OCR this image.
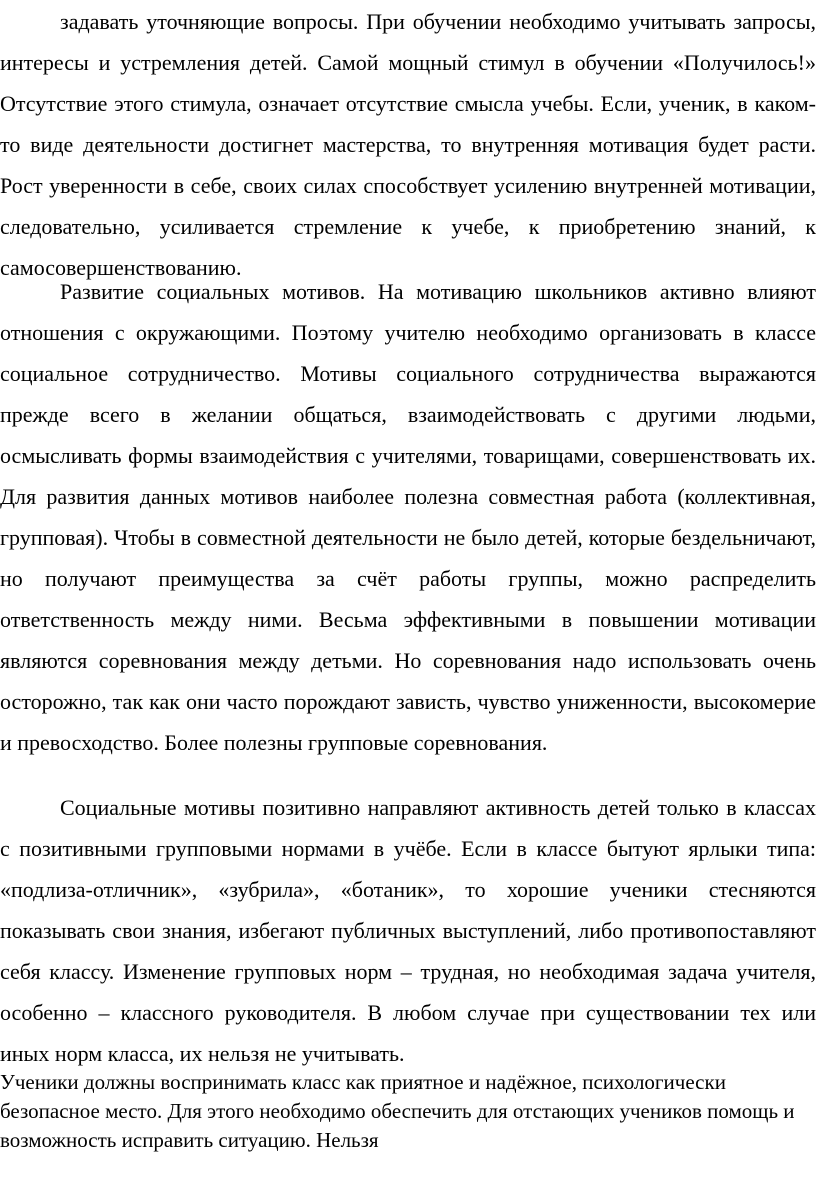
задавать уточняющие вопросы. При обучении необходимо учитывать запросы, интересы и устремления детей. Самой мощный стимул в обучении «Получилось!» Отсутствие этого стимула, означает отсутствие смысла учебы. Если, ученик, в каком-то виде деятельности достигнет мастерства, то внутренняя мотивация будет расти. Рост уверенности в себе, своих силах способствует усилению внутренней мотивации, следовательно, усиливается стремление к учебе, к приобретению знаний, к самосовершенствованию.

Развитие социальных мотивов. На мотивацию школьников активно влияют отношения с окружающими. Поэтому учителю необходимо организовать в классе социальное сотрудничество. Мотивы социального сотрудничества выражаются прежде всего в желании общаться, взаимодействовать с другими людьми, осмысливать формы взаимодействия с учителями, товарищами, совершенствовать их. Для развития данных мотивов наиболее полезна совместная работа (коллективная, групповая). Чтобы в совместной деятельности не было детей, которые бездельничают, но получают преимущества за счёт работы группы, можно распределить ответственность между ними. Весьма эффективными в повышении мотивации являются соревнования между детьми. Но соревнования надо использовать очень осторожно, так как они часто порождают зависть, чувство униженности, высокомерие и превосходство. Более полезны групповые соревнования.

Социальные мотивы позитивно направляют активность детей только в классах с позитивными групповыми нормами в учёбе. Если в классе бытуют ярлыки типа: «подлиза-отличник», «зубрила», «ботаник», то хорошие ученики стесняются показывать свои знания, избегают публичных выступлений, либо противопоставляют себя классу. Изменение групповых норм – трудная, но необходимая задача учителя, особенно – классного руководителя. В любом случае при существовании тех или иных норм класса, их нельзя не учитывать.

Ученики должны воспринимать класс как приятное и надёжное, психологически безопасное место. Для этого необходимо обеспечить для отстающих учеников помощь и возможность исправить ситуацию. Нельзя
